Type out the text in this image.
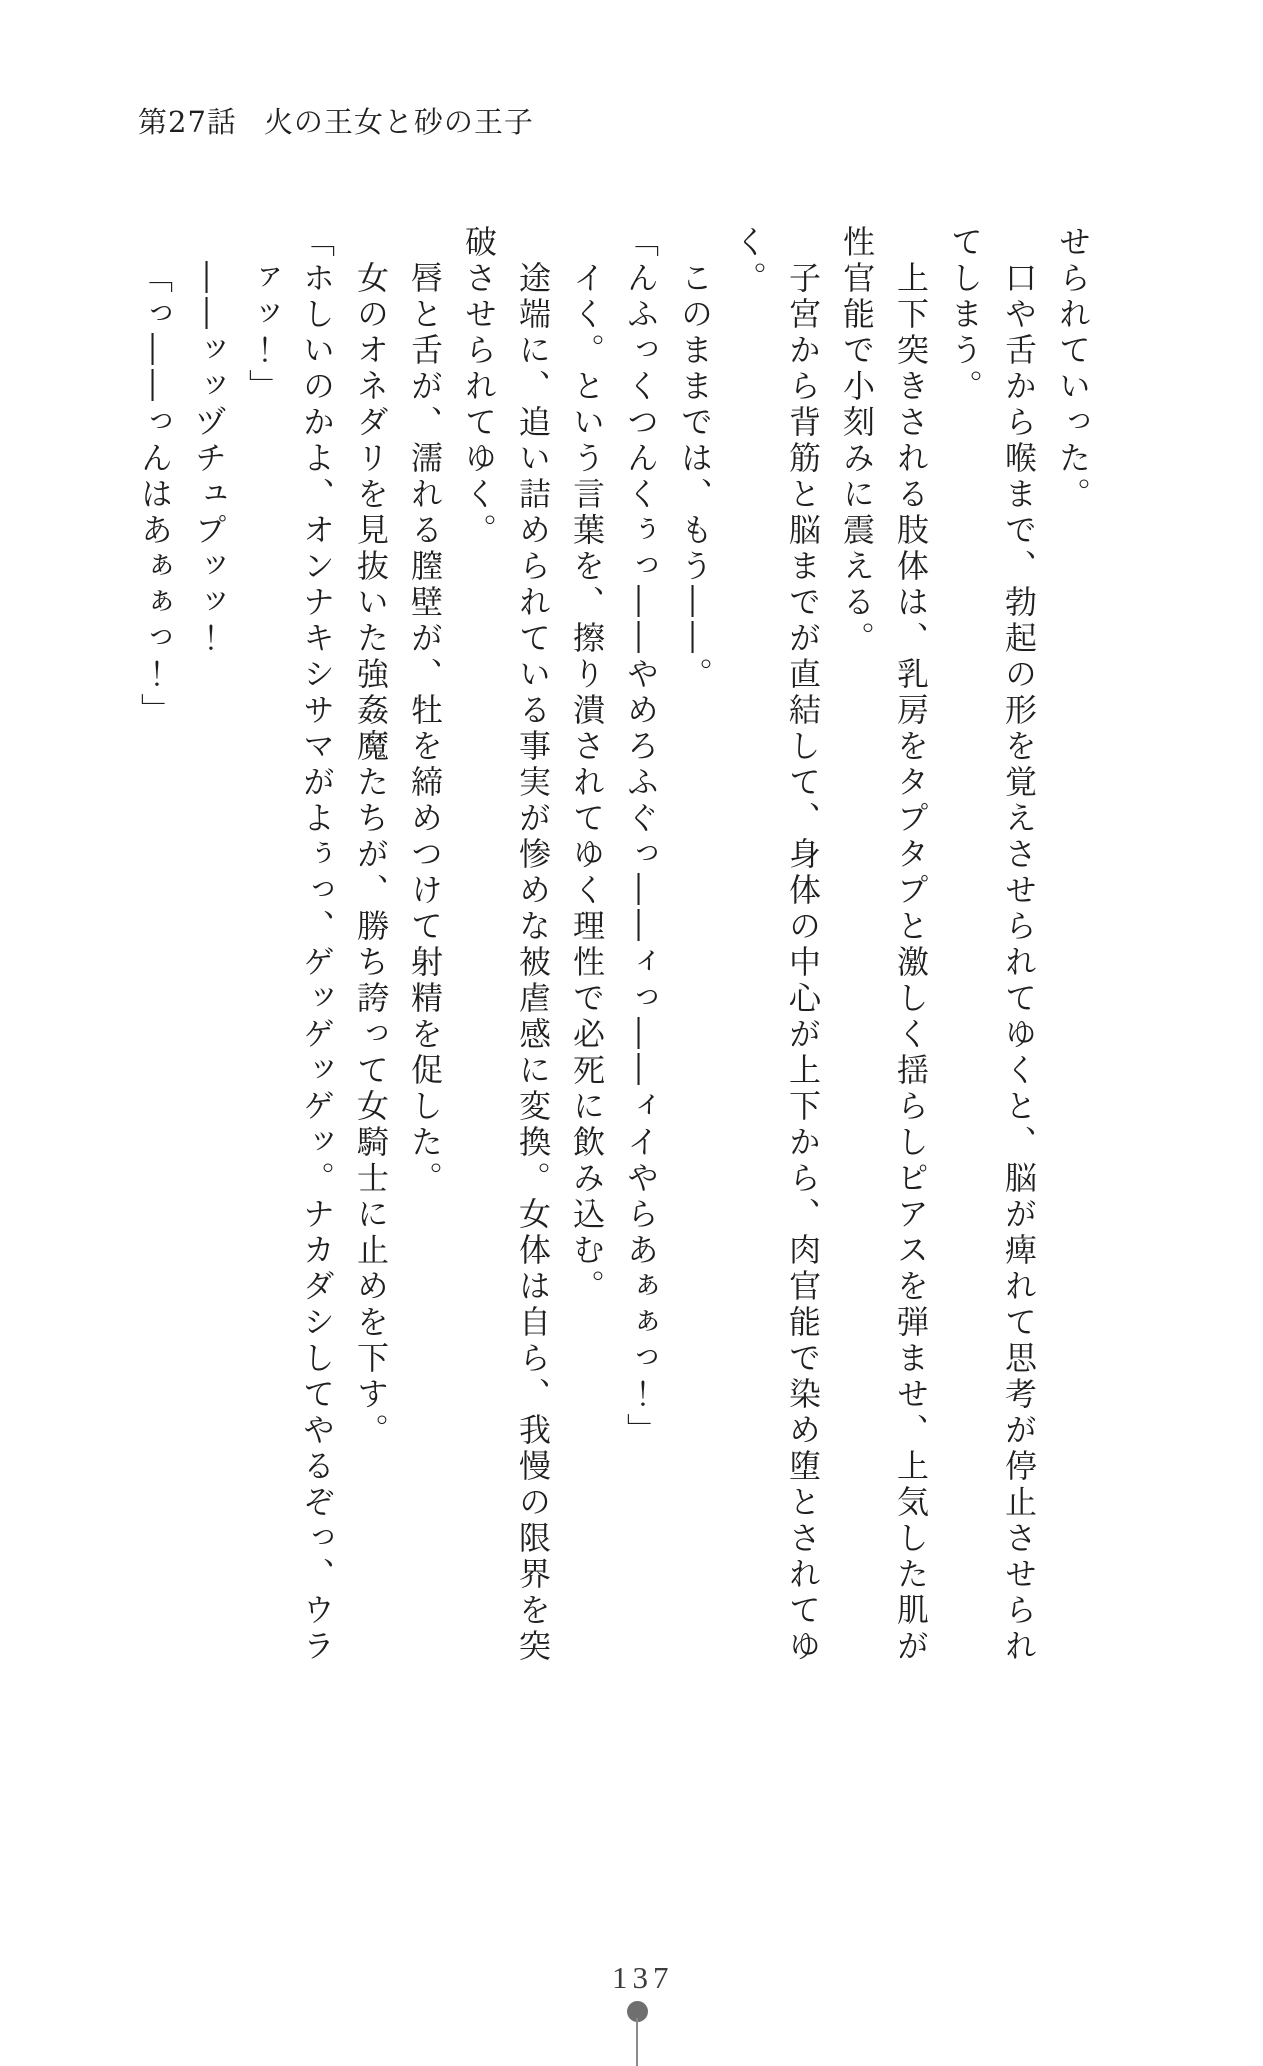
第27話 火の王女と砂の王子

せられていった。

口や舌から喉まで、勃起の形を覚えさせられてゆくと、脳が痺れて思考が停止させられ

てしまう。

上下突きされる肢体は、乳房をタプタプと激しく揺らしピアスを弾ませ、上気した肌が

性官能で小刻みに震える。

子宮から背筋と脳までが直結して、身体の中心が上下から、肉官能で染め堕とされてゆ

く。

このままでは、もう――。

「んふっくつんくぅっ――やめろふぐっ――ィっ――ィイやらあぁぁっ！」

イく。という言葉を、擦り潰されてゆく理性で必死に飲み込む。

途端に、追い詰められている事実が惨めな被虐感に変換。女体は自ら、我慢の限界を突

破させられてゆく。

唇と舌が、濡れる膣壁が、牡を締めつけて射精を促した。

女のオネダリを見抜いた強姦魔たちが、勝ち誇って女騎士に止めを下す。

「ホしいのかよ、オンナキシサマがよぅっ、ゲッゲッゲッ。ナカダシしてやるぞっ、ウラ

ァッ！」

――ッッヅチュプッッ！

「っ――っんはあぁぁっ！」

137
